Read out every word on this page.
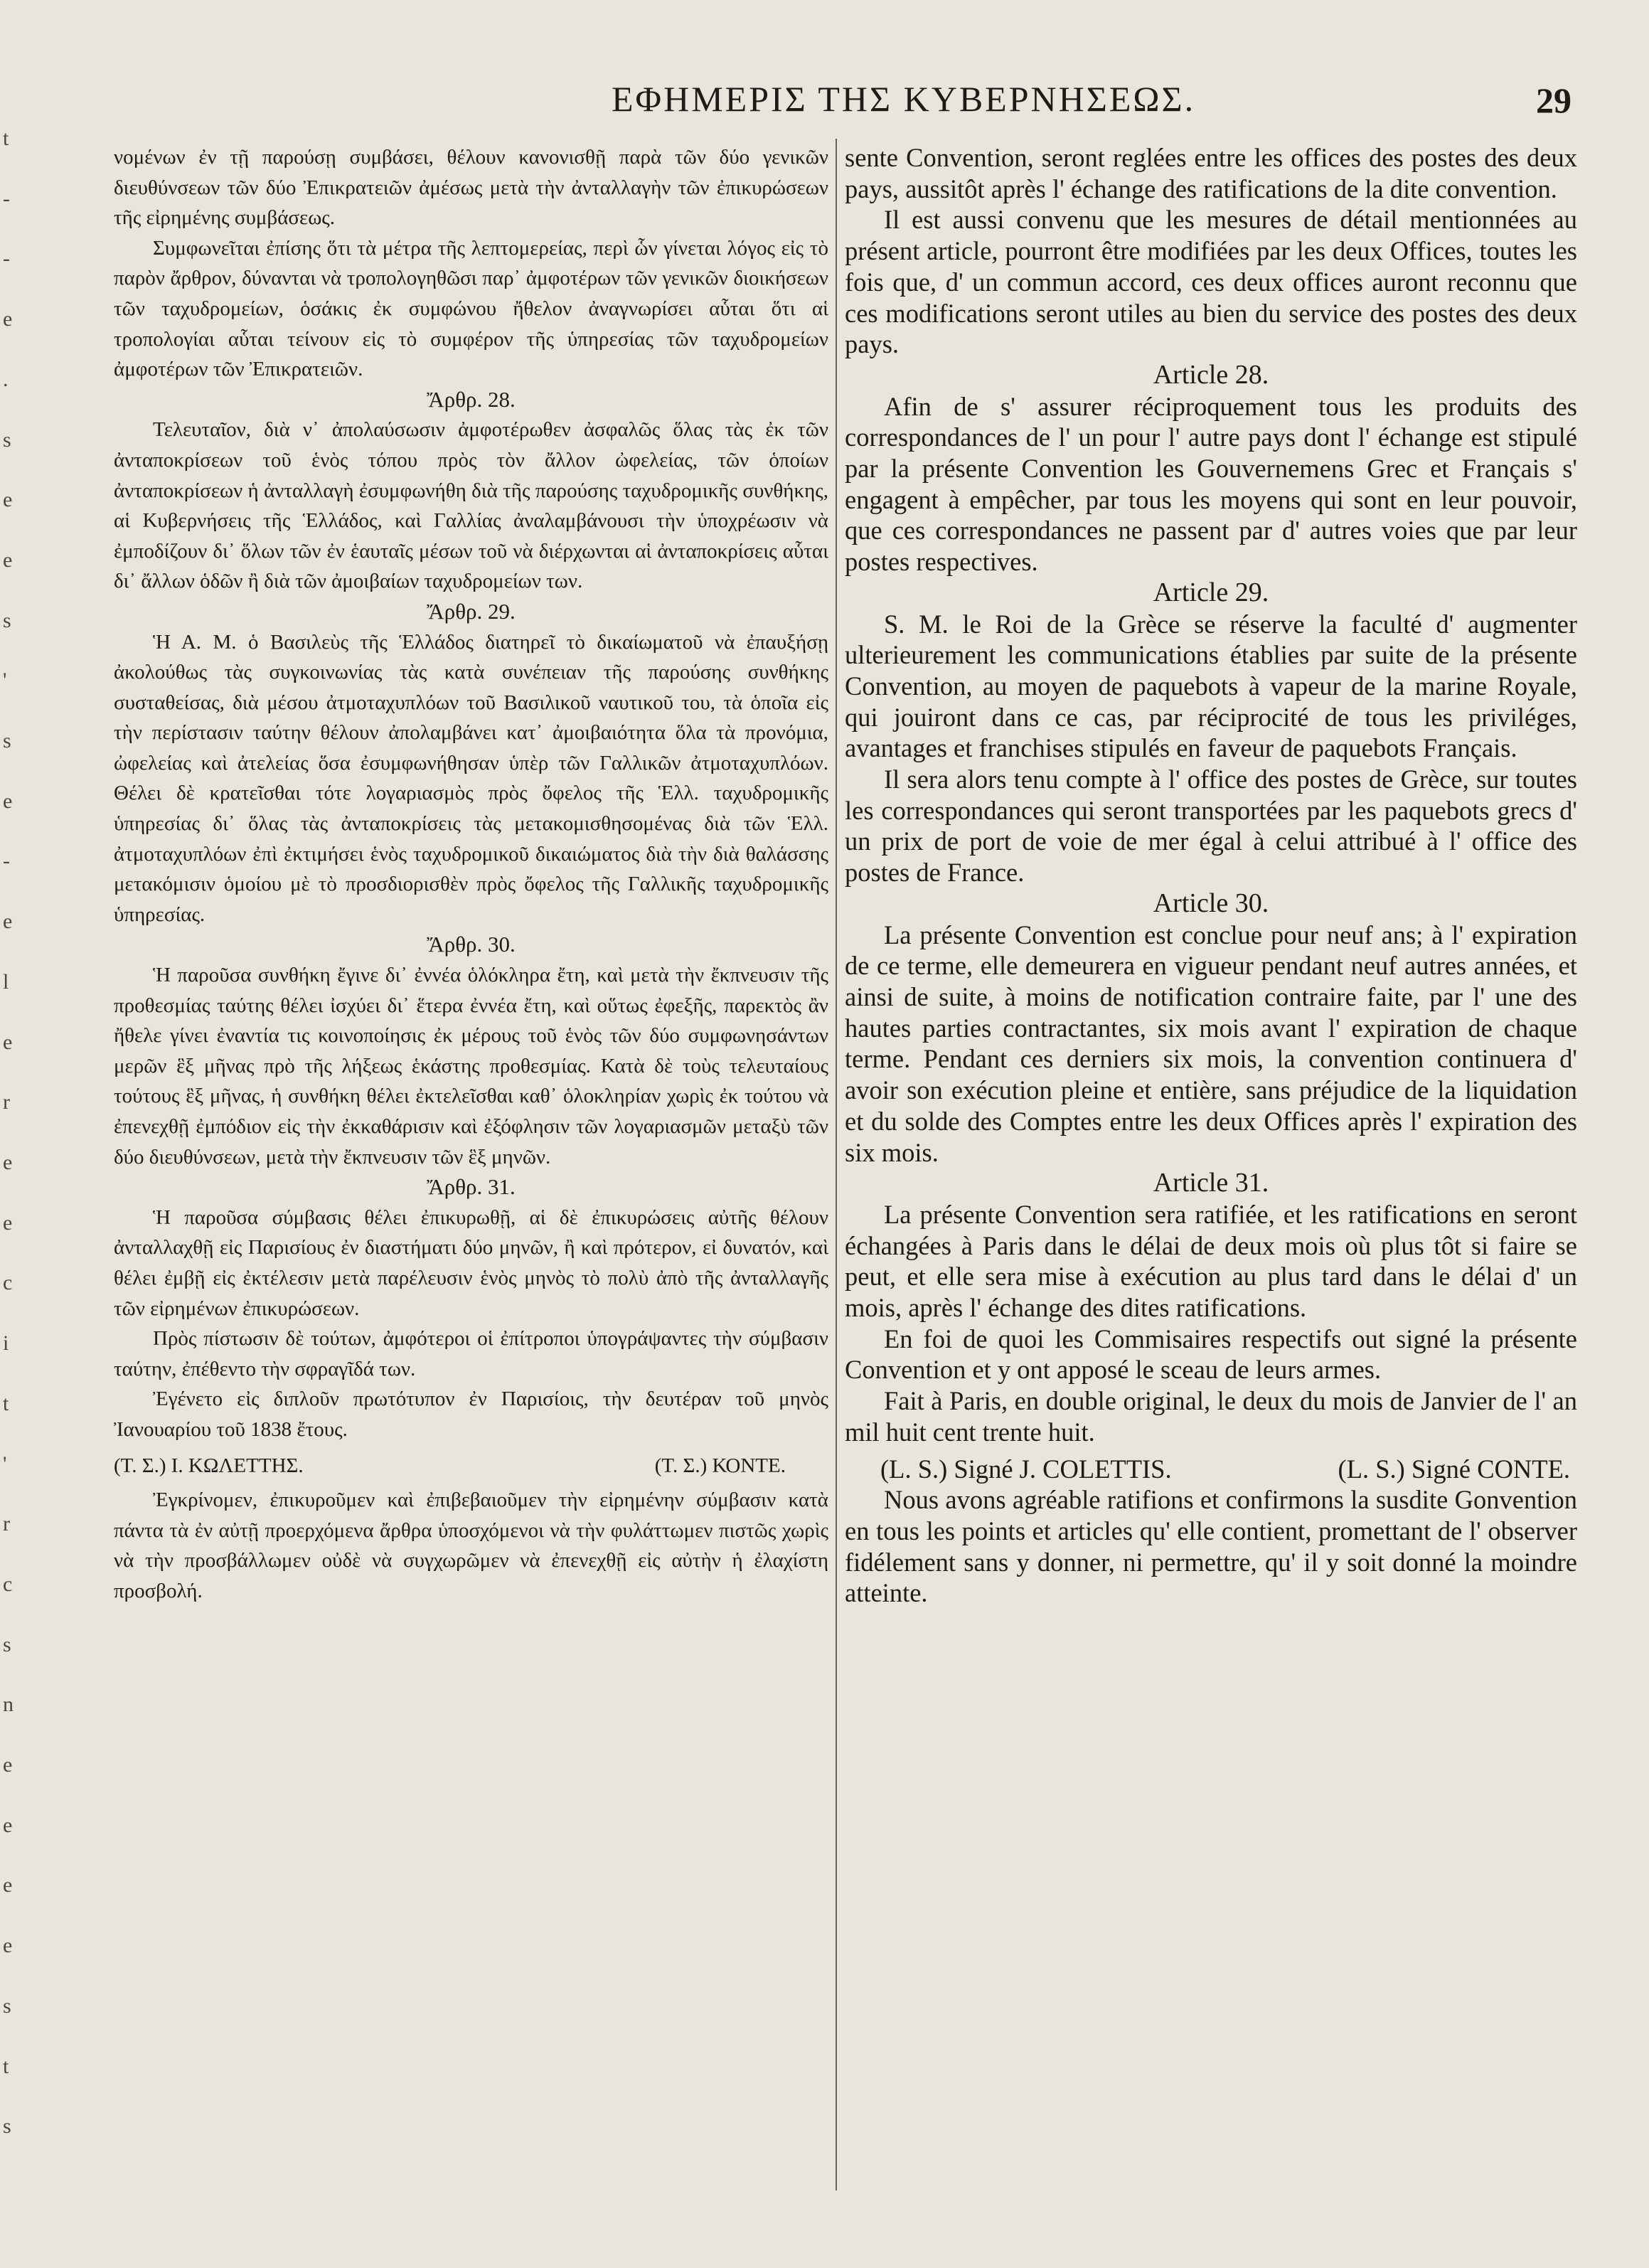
t
-
-
e
.
s
e
e
s
'
s
e
-
e
l
e
r
e
e
c
i
t
'
r
c
s
n
e
e
e
e
s
t
s
ΕΦΗΜΕΡΙΣ ΤΗΣ ΚΥΒΕΡΝΗΣΕΩΣ.	29

νομένων ἐν τῇ παρούσῃ συμβάσει, θέλουν κανονισθῇ παρὰ τῶν δύο γενικῶν διευθύνσεων τῶν δύο Ἐπικρατειῶν ἀμέσως μετὰ τὴν ἀνταλλαγὴν τῶν ἐπικυρώσεων τῆς εἰρημένης συμβάσεως.

Συμφωνεῖται ἐπίσης ὅτι τὰ μέτρα τῆς λεπτομερείας, περὶ ὧν γίνεται λόγος εἰς τὸ παρὸν ἄρθρον, δύνανται νὰ τροπολογηθῶσι παρ᾽ ἀμφοτέρων τῶν γενικῶν διοικήσεων τῶν ταχυδρομείων, ὁσάκις ἐκ συμφώνου ἤθελον ἀναγνωρίσει αὗται ὅτι αἱ τροπολογίαι αὗται τείνουν εἰς τὸ συμφέρον τῆς ὑπηρεσίας τῶν ταχυδρομείων ἀμφοτέρων τῶν Ἐπικρατειῶν.

Ἄρθρ. 28.

Τελευταῖον, διὰ ν᾽ ἀπολαύσωσιν ἀμφοτέρωθεν ἀσφαλῶς ὅλας τὰς ἐκ τῶν ἀνταποκρίσεων τοῦ ἑνὸς τόπου πρὸς τὸν ἄλλον ὠφελείας, τῶν ὁποίων ἀνταποκρίσεων ἡ ἀνταλλαγὴ ἐσυμφωνήθη διὰ τῆς παρούσης ταχυδρομικῆς συνθήκης, αἱ Κυβερνήσεις τῆς Ἑλλάδος, καὶ Γαλλίας ἀναλαμβάνουσι τὴν ὑποχρέωσιν νὰ ἐμποδίζουν δι᾽ ὅλων τῶν ἐν ἑαυταῖς μέσων τοῦ νὰ διέρχωνται αἱ ἀνταποκρίσεις αὗται δι᾽ ἄλλων ὁδῶν ἢ διὰ τῶν ἀμοιβαίων ταχυδρομείων των.

Ἄρθρ. 29.

Ἡ Α. Μ. ὁ Βασιλεὺς τῆς Ἑλλάδος διατηρεῖ τὸ δικαίωματοῦ νὰ ἐπαυξήσῃ ἀκολούθως τὰς συγκοινωνίας τὰς κατὰ συνέπειαν τῆς παρούσης συνθήκης συσταθείσας, διὰ μέσου ἀτμοταχυπλόων τοῦ Βασιλικοῦ ναυτικοῦ του, τὰ ὁποῖα εἰς τὴν περίστασιν ταύτην θέλουν ἀπολαμβάνει κατ᾽ ἀμοιβαιότητα ὅλα τὰ προνόμια, ὠφελείας καὶ ἀτελείας ὅσα ἐσυμφωνήθησαν ὑπὲρ τῶν Γαλλικῶν ἀτμοταχυπλόων. Θέλει δὲ κρατεῖσθαι τότε λογαριασμὸς πρὸς ὄφελος τῆς Ἑλλ. ταχυδρομικῆς ὑπηρεσίας δι᾽ ὅλας τὰς ἀνταποκρίσεις τὰς μετακομισθησομένας διὰ τῶν Ἑλλ. ἀτμοταχυπλόων ἐπὶ ἐκτιμήσει ἑνὸς ταχυδρομικοῦ δικαιώματος διὰ τὴν διὰ θαλάσσης μετακόμισιν ὁμοίου μὲ τὸ προσδιορισθὲν πρὸς ὄφελος τῆς Γαλλικῆς ταχυδρομικῆς ὑπηρεσίας.

Ἄρθρ. 30.

Ἡ παροῦσα συνθήκη ἔγινε δι᾽ ἐννέα ὁλόκληρα ἔτη, καὶ μετὰ τὴν ἔκπνευσιν τῆς προθεσμίας ταύτης θέλει ἰσχύει δι᾽ ἕτερα ἐννέα ἔτη, καὶ οὕτως ἐφεξῆς, παρεκτὸς ἂν ἤθελε γίνει ἐναντία τις κοινοποίησις ἐκ μέρους τοῦ ἑνὸς τῶν δύο συμφωνησάντων μερῶν ἓξ μῆνας πρὸ τῆς λήξεως ἑκάστης προθεσμίας. Κατὰ δὲ τοὺς τελευταίους τούτους ἓξ μῆνας, ἡ συνθήκη θέλει ἐκτελεῖσθαι καθ᾽ ὁλοκληρίαν χωρὶς ἐκ τούτου νὰ ἐπενεχθῇ ἐμπόδιον εἰς τὴν ἐκκαθάρισιν καὶ ἐξόφλησιν τῶν λογαριασμῶν μεταξὺ τῶν δύο διευθύνσεων, μετὰ τὴν ἔκπνευσιν τῶν ἓξ μηνῶν.

Ἄρθρ. 31.

Ἡ παροῦσα σύμβασις θέλει ἐπικυρωθῇ, αἱ δὲ ἐπικυρώσεις αὐτῆς θέλουν ἀνταλλαχθῇ εἰς Παρισίους ἐν διαστήματι δύο μηνῶν, ἢ καὶ πρότερον, εἰ δυνατόν, καὶ θέλει ἐμβῇ εἰς ἐκτέλεσιν μετὰ παρέλευσιν ἑνὸς μηνὸς τὸ πολὺ ἀπὸ τῆς ἀνταλλαγῆς τῶν εἰρημένων ἐπικυρώσεων.

Πρὸς πίστωσιν δὲ τούτων, ἀμφότεροι οἱ ἐπίτροποι ὑπογράψαντες τὴν σύμβασιν ταύτην, ἐπέθεντο τὴν σφραγῖδά των.

Ἐγένετο εἰς διπλοῦν πρωτότυπον ἐν Παρισίοις, τὴν δευτέραν τοῦ μηνὸς Ἰανουαρίου τοῦ 1838 ἔτους.

(Τ. Σ.) Ι. ΚΩΛΕΤΤΗΣ.	(Τ. Σ.) ΚΟΝΤΕ.

Ἐγκρίνομεν, ἐπικυροῦμεν καὶ ἐπιβεβαιοῦμεν τὴν εἰρημένην σύμβασιν κατὰ πάντα τὰ ἐν αὐτῇ προερχόμενα ἄρθρα ὑποσχόμενοι νὰ τὴν φυλάττωμεν πιστῶς χωρὶς νὰ τὴν προσβάλλωμεν οὐδὲ νὰ συγχωρῶμεν νὰ ἐπενεχθῇ εἰς αὐτὴν ἡ ἐλαχίστη προσβολή.

sente Convention, seront reglées entre les offices des postes des deux pays, aussitôt après l' échange des ratifications de la dite convention.

Il est aussi convenu que les mesures de détail mentionnées au présent article, pourront être modifiées par les deux Offices, toutes les fois que, d' un commun accord, ces deux offices auront reconnu que ces modifications seront utiles au bien du service des postes des deux pays.

Article 28.

Afin de s' assurer réciproquement tous les produits des correspondances de l' un pour l' autre pays dont l' échange est stipulé par la présente Convention les Gouvernemens Grec et Français s' engagent à empêcher, par tous les moyens qui sont en leur pouvoir, que ces correspondances ne passent par d' autres voies que par leur postes respectives.

Article 29.

S. M. le Roi de la Grèce se réserve la faculté d' augmenter ulterieurement les communications établies par suite de la présente Convention, au moyen de paquebots à vapeur de la marine Royale, qui jouiront dans ce cas, par réciprocité de tous les priviléges, avantages et franchises stipulés en faveur de paquebots Français.

Il sera alors tenu compte à l' office des postes de Grèce, sur toutes les correspondances qui seront transportées par les paquebots grecs d' un prix de port de voie de mer égal à celui attribué à l' office des postes de France.

Article 30.

La présente Convention est conclue pour neuf ans; à l' expiration de ce terme, elle demeurera en vigueur pendant neuf autres années, et ainsi de suite, à moins de notification contraire faite, par l' une des hautes parties contractantes, six mois avant l' expiration de chaque terme. Pendant ces derniers six mois, la convention continuera d' avoir son exécution pleine et entière, sans préjudice de la liquidation et du solde des Comptes entre les deux Offices après l' expiration des six mois.

Article 31.

La présente Convention sera ratifiée, et les ratifications en seront échangées à Paris dans le délai de deux mois où plus tôt si faire se peut, et elle sera mise à exécution au plus tard dans le délai d' un mois, après l' échange des dites ratifications.

En foi de quoi les Commisaires respectifs out signé la présente Convention et y ont apposé le sceau de leurs armes.

Fait à Paris, en double original, le deux du mois de Janvier de l' an mil huit cent trente huit.

(L. S.) Signé J. COLETTIS.	(L. S.) Signé CONTE.

Nous avons agréable ratifions et confirmons la susdite Gonvention en tous les points et articles qu' elle contient, promettant de l' observer fidélement sans y donner, ni permettre, qu' il y soit donné la moindre atteinte.
